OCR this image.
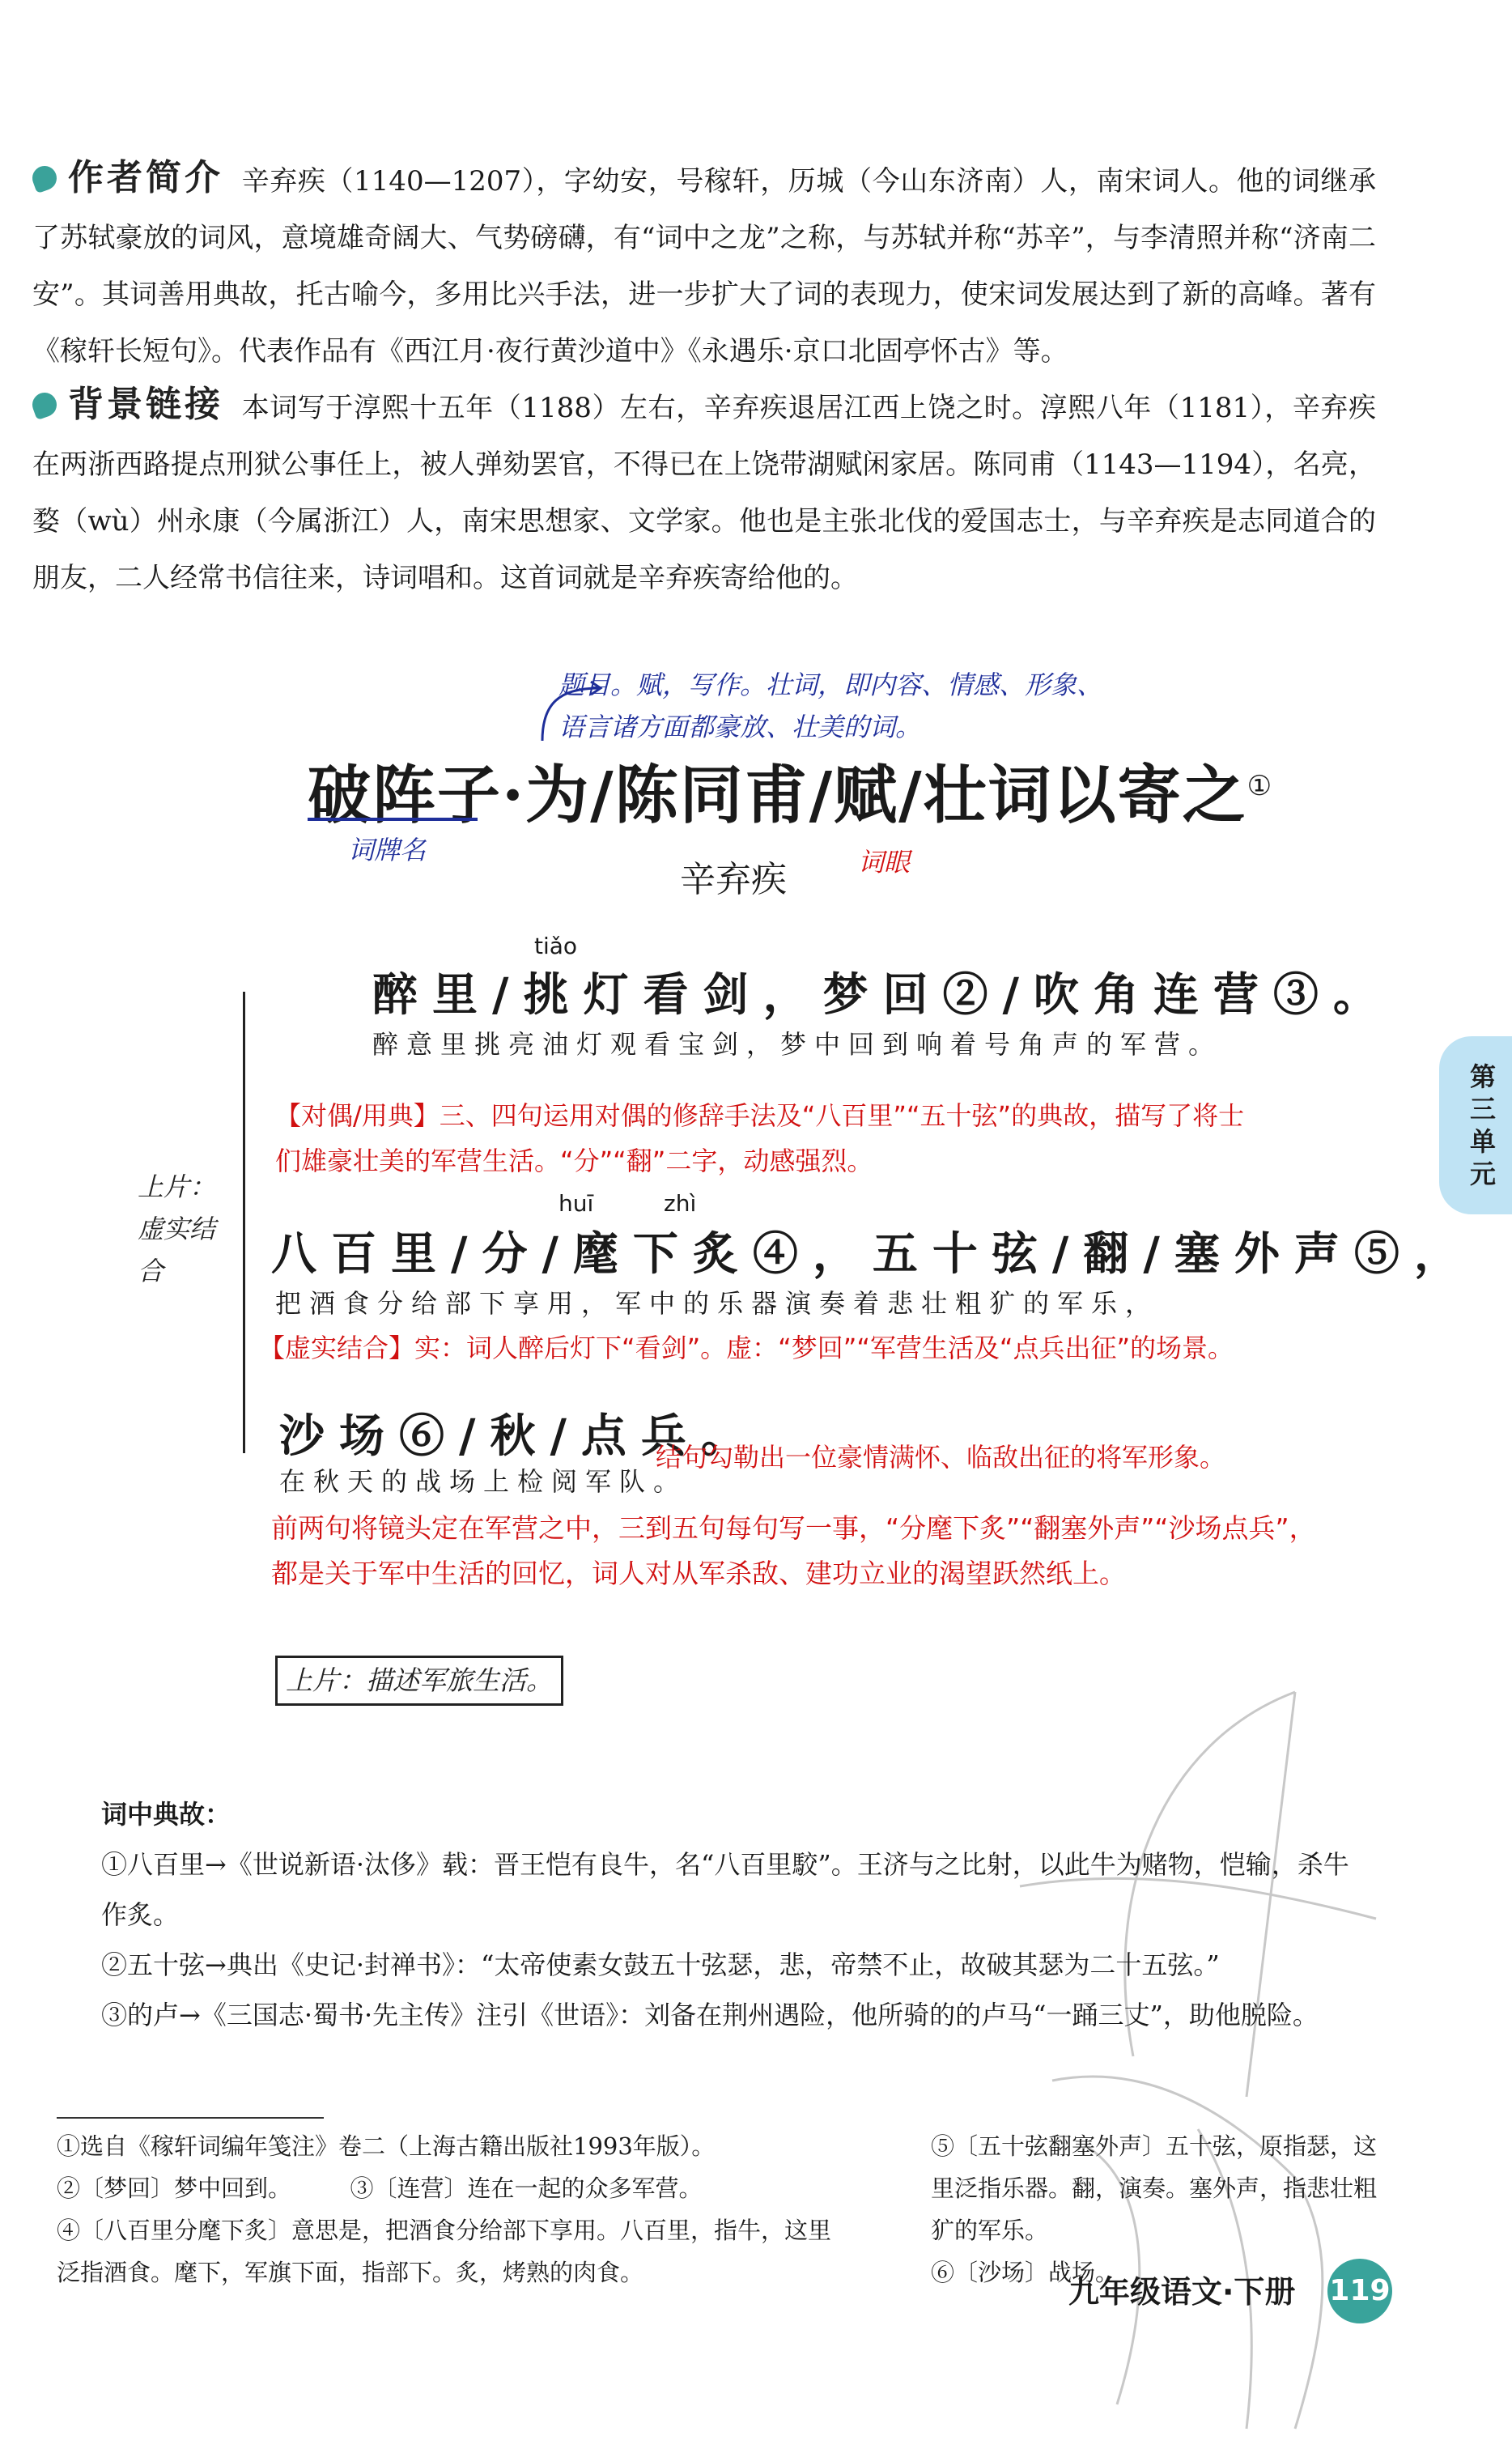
作者简介 辛弃疾（1140—1207），字幼安，号稼轩，历城（今山东济南）人，南宋词人。他的词继承了苏轼豪放的词风，意境雄奇阔大、气势磅礴，有“词中之龙”之称，与苏轼并称“苏辛”，与李清照并称“济南二安”。其词善用典故，托古喻今，多用比兴手法，进一步扩大了词的表现力，使宋词发展达到了新的高峰。著有《稼轩长短句》。代表作品有《西江月·夜行黄沙道中》《永遇乐·京口北固亭怀古》等。
背景链接 本词写于淳熙十五年（1188）左右，辛弃疾退居江西上饶之时。淳熙八年（1181），辛弃疾在两浙西路提点刑狱公事任上，被人弹劾罢官，不得已在上饶带湖赋闲家居。陈同甫（1143—1194），名亮，婺（wù）州永康（今属浙江）人，南宋思想家、文学家。他也是主张北伐的爱国志士，与辛弃疾是志同道合的朋友，二人经常书信往来，诗词唱和。这首词就是辛弃疾寄给他的。
题目。赋，写作。壮词，即内容、情感、形象、语言诸方面都豪放、壮美的词。
破阵子·为/陈同甫/赋/壮词以寄之①
词牌名	词眼
辛弃疾
上片：虚实结合
tiǎo
醉里/挑灯看剑，梦回②/吹角连营③。
醉意里挑亮油灯观看宝剑，梦中回到响着号角声的军营。
【对偶/用典】三、四句运用对偶的修辞手法及“八百里”“五十弦”的典故，描写了将士们雄豪壮美的军营生活。“分”“翻”二字，动感强烈。
huī	zhì
八百里/分/麾下炙④，五十弦/翻/塞外声⑤，
把酒食分给部下享用，军中的乐器演奏着悲壮粗犷的军乐，
【虚实结合】实：词人醉后灯下“看剑”。虚：“梦回”“军营生活及“点兵出征”的场景。
沙场⑥/秋/点兵。
结句勾勒出一位豪情满怀、临敌出征的将军形象。
在秋天的战场上检阅军队。
前两句将镜头定在军营之中，三到五句每句写一事，“分麾下炙”“翻塞外声”“沙场点兵”，都是关于军中生活的回忆，词人对从军杀敌、建功立业的渴望跃然纸上。
上片：描述军旅生活。
词中典故：
①八百里→《世说新语·汰侈》载：晋王恺有良牛，名“八百里駮”。王济与之比射，以此牛为赌物，恺输，杀牛作炙。
②五十弦→典出《史记·封禅书》：“太帝使素女鼓五十弦瑟，悲，帝禁不止，故破其瑟为二十五弦。”
③的卢→《三国志·蜀书·先主传》注引《世语》：刘备在荆州遇险，他所骑的的卢马“一踊三丈”，助他脱险。
①选自《稼轩词编年笺注》卷二（上海古籍出版社1993年版）。
②〔梦回〕梦中回到。　　　③〔连营〕连在一起的众多军营。
④〔八百里分麾下炙〕意思是，把酒食分给部下享用。八百里，指牛，这里泛指酒食。麾下，军旗下面，指部下。炙，烤熟的肉食。
⑤〔五十弦翻塞外声〕五十弦，原指瑟，这里泛指乐器。翻，演奏。塞外声，指悲壮粗犷的军乐。
⑥〔沙场〕战场。
第三单元
九年级语文·下册 119
